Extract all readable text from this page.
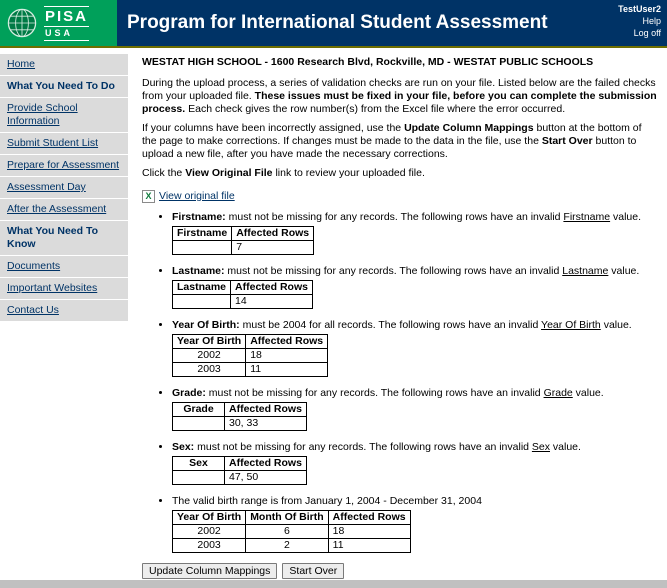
PISA
USA	Program for International Student Assessment
TestUser2
Help
Log off
Home
What You Need To Do
Provide School Information
Submit Student List
Prepare for Assessment
Assessment Day
After the Assessment
What You Need To Know
Documents
Important Websites
Contact Us
WESTAT HIGH SCHOOL - 1600 Research Blvd, Rockville, MD - WESTAT PUBLIC SCHOOLS

During the upload process, a series of validation checks are run on your file. Listed below are the failed checks from your uploaded file. These issues must be fixed in your file, before you can complete the submission process. Each check gives the row number(s) from the Excel file where the error occurred.

If your columns have been incorrectly assigned, use the Update Column Mappings button at the bottom of the page to make corrections. If changes must be made to the data in the file, use the Start Over button to upload a new file, after you have made the necessary corrections.

Click the View Original File link to review your uploaded file.

X View original file
• Firstname: must not be missing for any records. The following rows have an invalid Firstname value.
Firstname	Affected Rows
	7
• Lastname: must not be missing for any records. The following rows have an invalid Lastname value.
Lastname	Affected Rows
	14
• Year Of Birth: must be 2004 for all records. The following rows have an invalid Year Of Birth value.
Year Of Birth	Affected Rows
2002	18
2003	11
• Grade: must not be missing for any records. The following rows have an invalid Grade value.
Grade	Affected Rows
	30, 33
• Sex: must not be missing for any records. The following rows have an invalid Sex value.
Sex	Affected Rows
	47, 50
• The valid birth range is from January 1, 2004 - December 31, 2004
Year Of Birth	Month Of Birth	Affected Rows
2002	6	18
2003	2	11
Update Column Mappings	Start Over
